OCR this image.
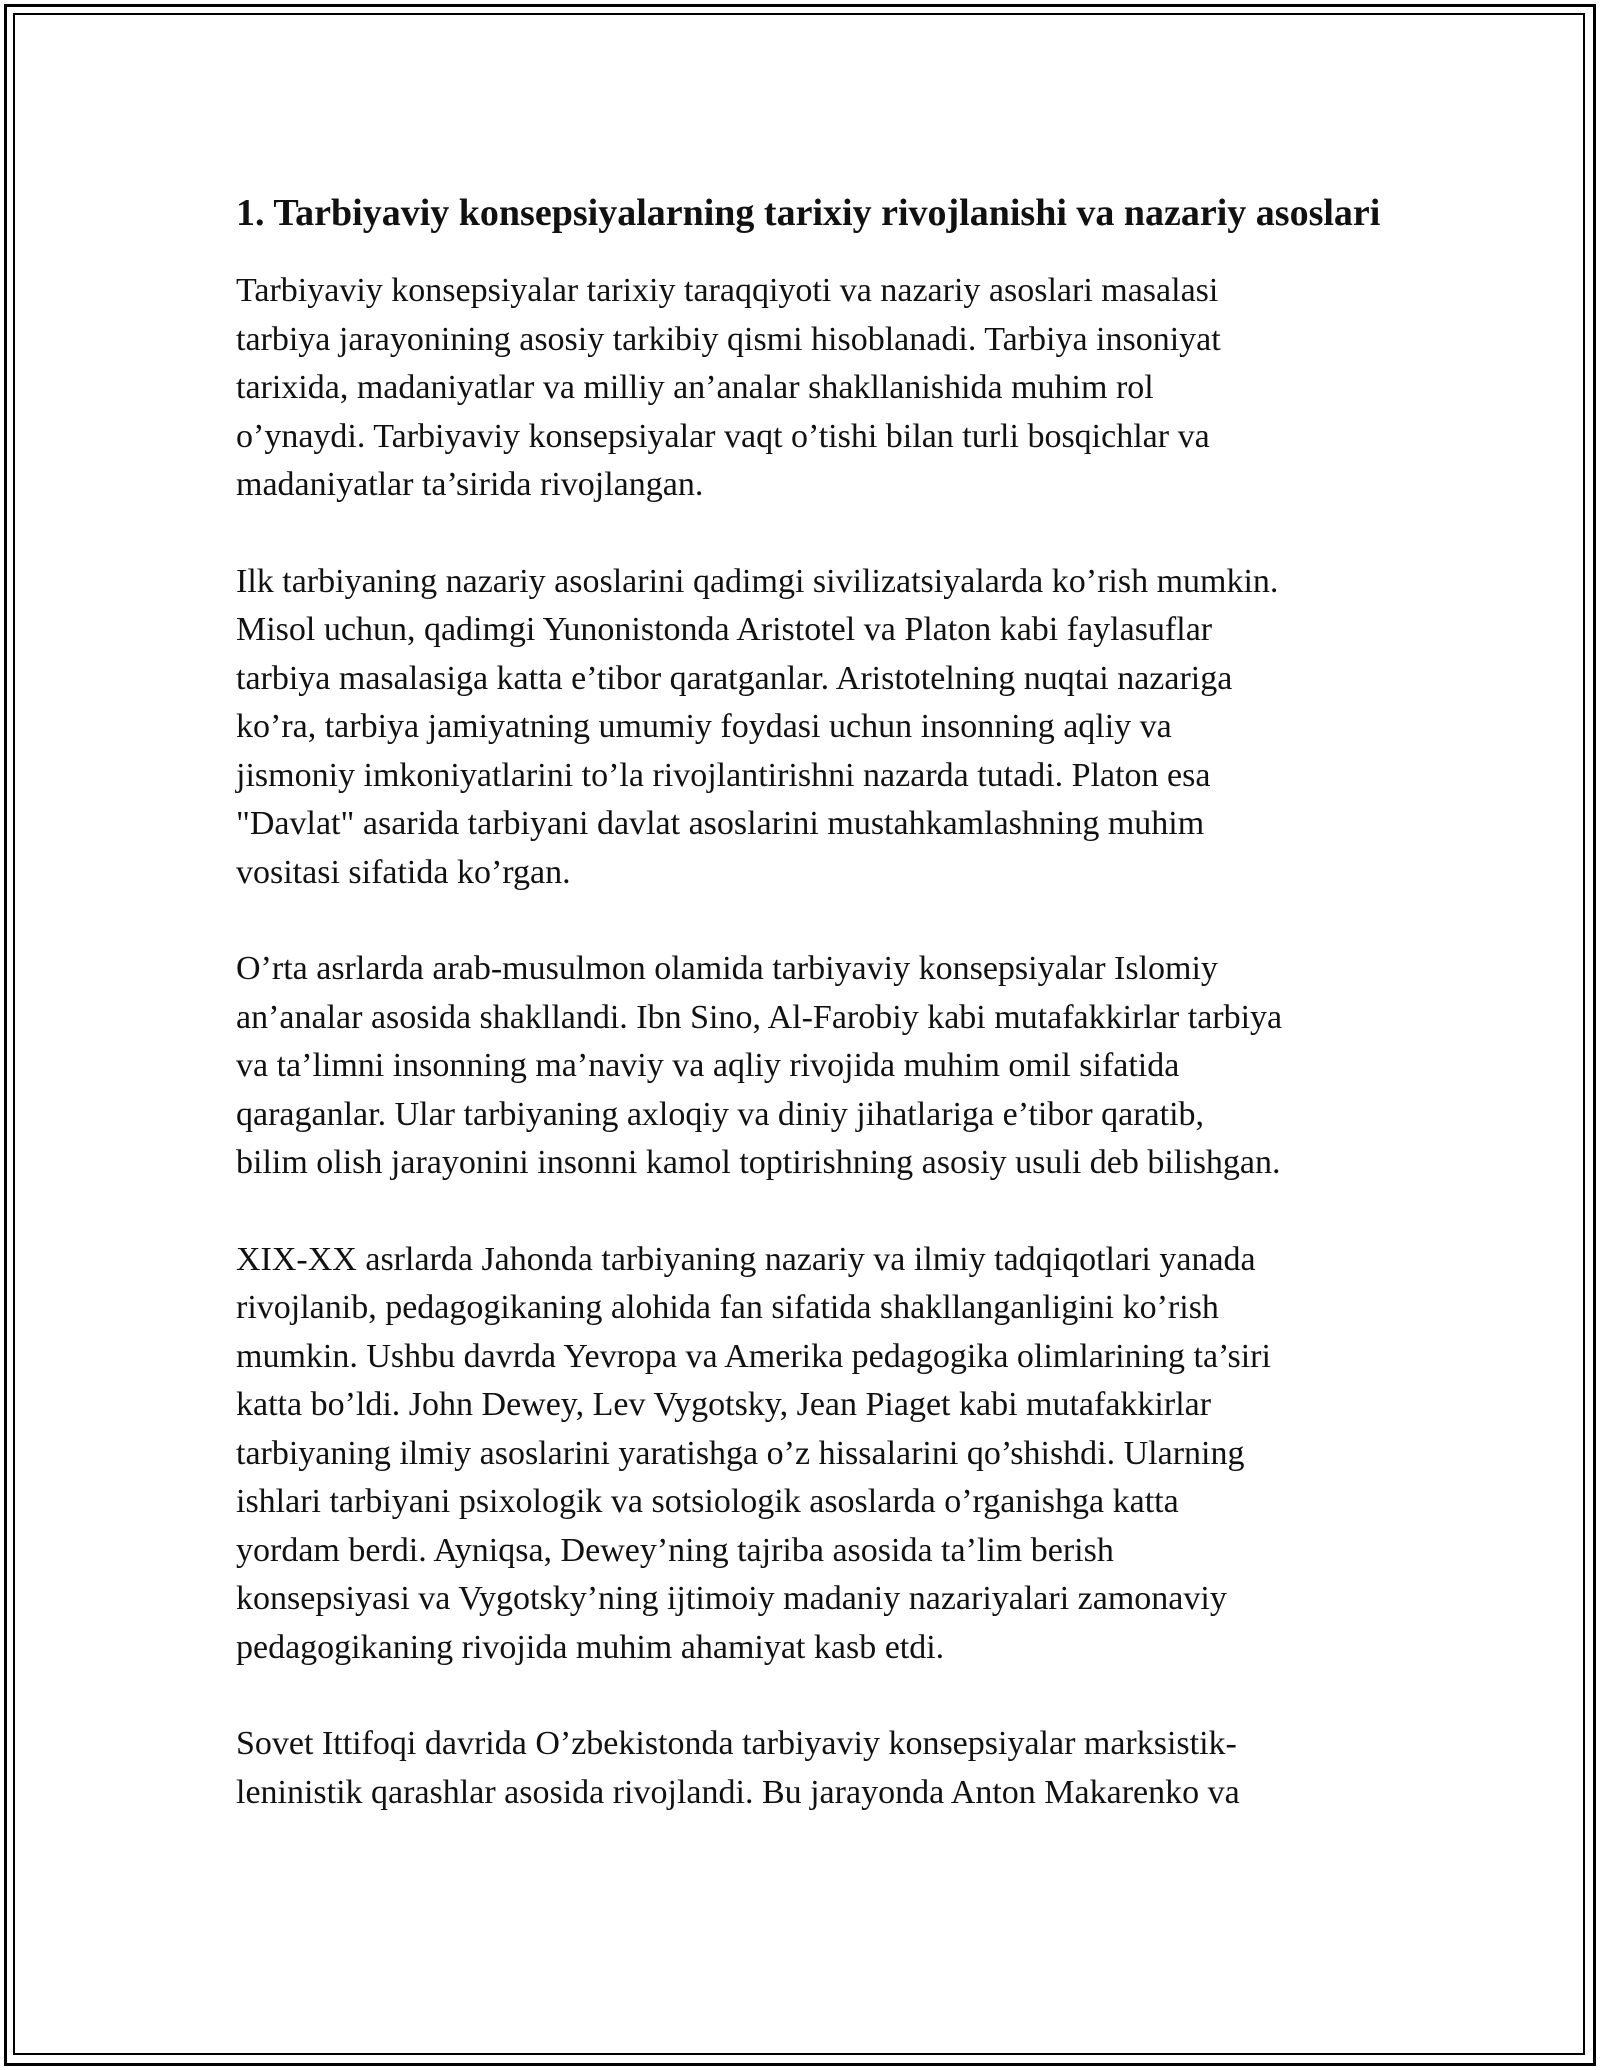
1. Tarbiyaviy konsepsiyalarning tarixiy rivojlanishi va nazariy asoslari

Tarbiyaviy konsepsiyalar tarixiy taraqqiyoti va nazariy asoslari masalasi
tarbiya jarayonining asosiy tarkibiy qismi hisoblanadi. Tarbiya insoniyat
tarixida, madaniyatlar va milliy an’analar shakllanishida muhim rol
o’ynaydi. Tarbiyaviy konsepsiyalar vaqt o’tishi bilan turli bosqichlar va
madaniyatlar ta’sirida rivojlangan.

Ilk tarbiyaning nazariy asoslarini qadimgi sivilizatsiyalarda ko’rish mumkin.
Misol uchun, qadimgi Yunonistonda Aristotel va Platon kabi faylasuflar
tarbiya masalasiga katta e’tibor qaratganlar. Aristotelning nuqtai nazariga
ko’ra, tarbiya jamiyatning umumiy foydasi uchun insonning aqliy va
jismoniy imkoniyatlarini to’la rivojlantirishni nazarda tutadi. Platon esa
"Davlat" asarida tarbiyani davlat asoslarini mustahkamlashning muhim
vositasi sifatida ko’rgan.

O’rta asrlarda arab-musulmon olamida tarbiyaviy konsepsiyalar Islomiy
an’analar asosida shakllandi. Ibn Sino, Al-Farobiy kabi mutafakkirlar tarbiya
va ta’limni insonning ma’naviy va aqliy rivojida muhim omil sifatida
qaraganlar. Ular tarbiyaning axloqiy va diniy jihatlariga e’tibor qaratib,
bilim olish jarayonini insonni kamol toptirishning asosiy usuli deb bilishgan.

XIX-XX asrlarda Jahonda tarbiyaning nazariy va ilmiy tadqiqotlari yanada
rivojlanib, pedagogikaning alohida fan sifatida shakllanganligini ko’rish
mumkin. Ushbu davrda Yevropa va Amerika pedagogika olimlarining ta’siri
katta bo’ldi. John Dewey, Lev Vygotsky, Jean Piaget kabi mutafakkirlar
tarbiyaning ilmiy asoslarini yaratishga o’z hissalarini qo’shishdi. Ularning
ishlari tarbiyani psixologik va sotsiologik asoslarda o’rganishga katta
yordam berdi. Ayniqsa, Dewey’ning tajriba asosida ta’lim berish
konsepsiyasi va Vygotsky’ning ijtimoiy madaniy nazariyalari zamonaviy
pedagogikaning rivojida muhim ahamiyat kasb etdi.

Sovet Ittifoqi davrida O’zbekistonda tarbiyaviy konsepsiyalar marksistik-
leninistik qarashlar asosida rivojlandi. Bu jarayonda Anton Makarenko va
